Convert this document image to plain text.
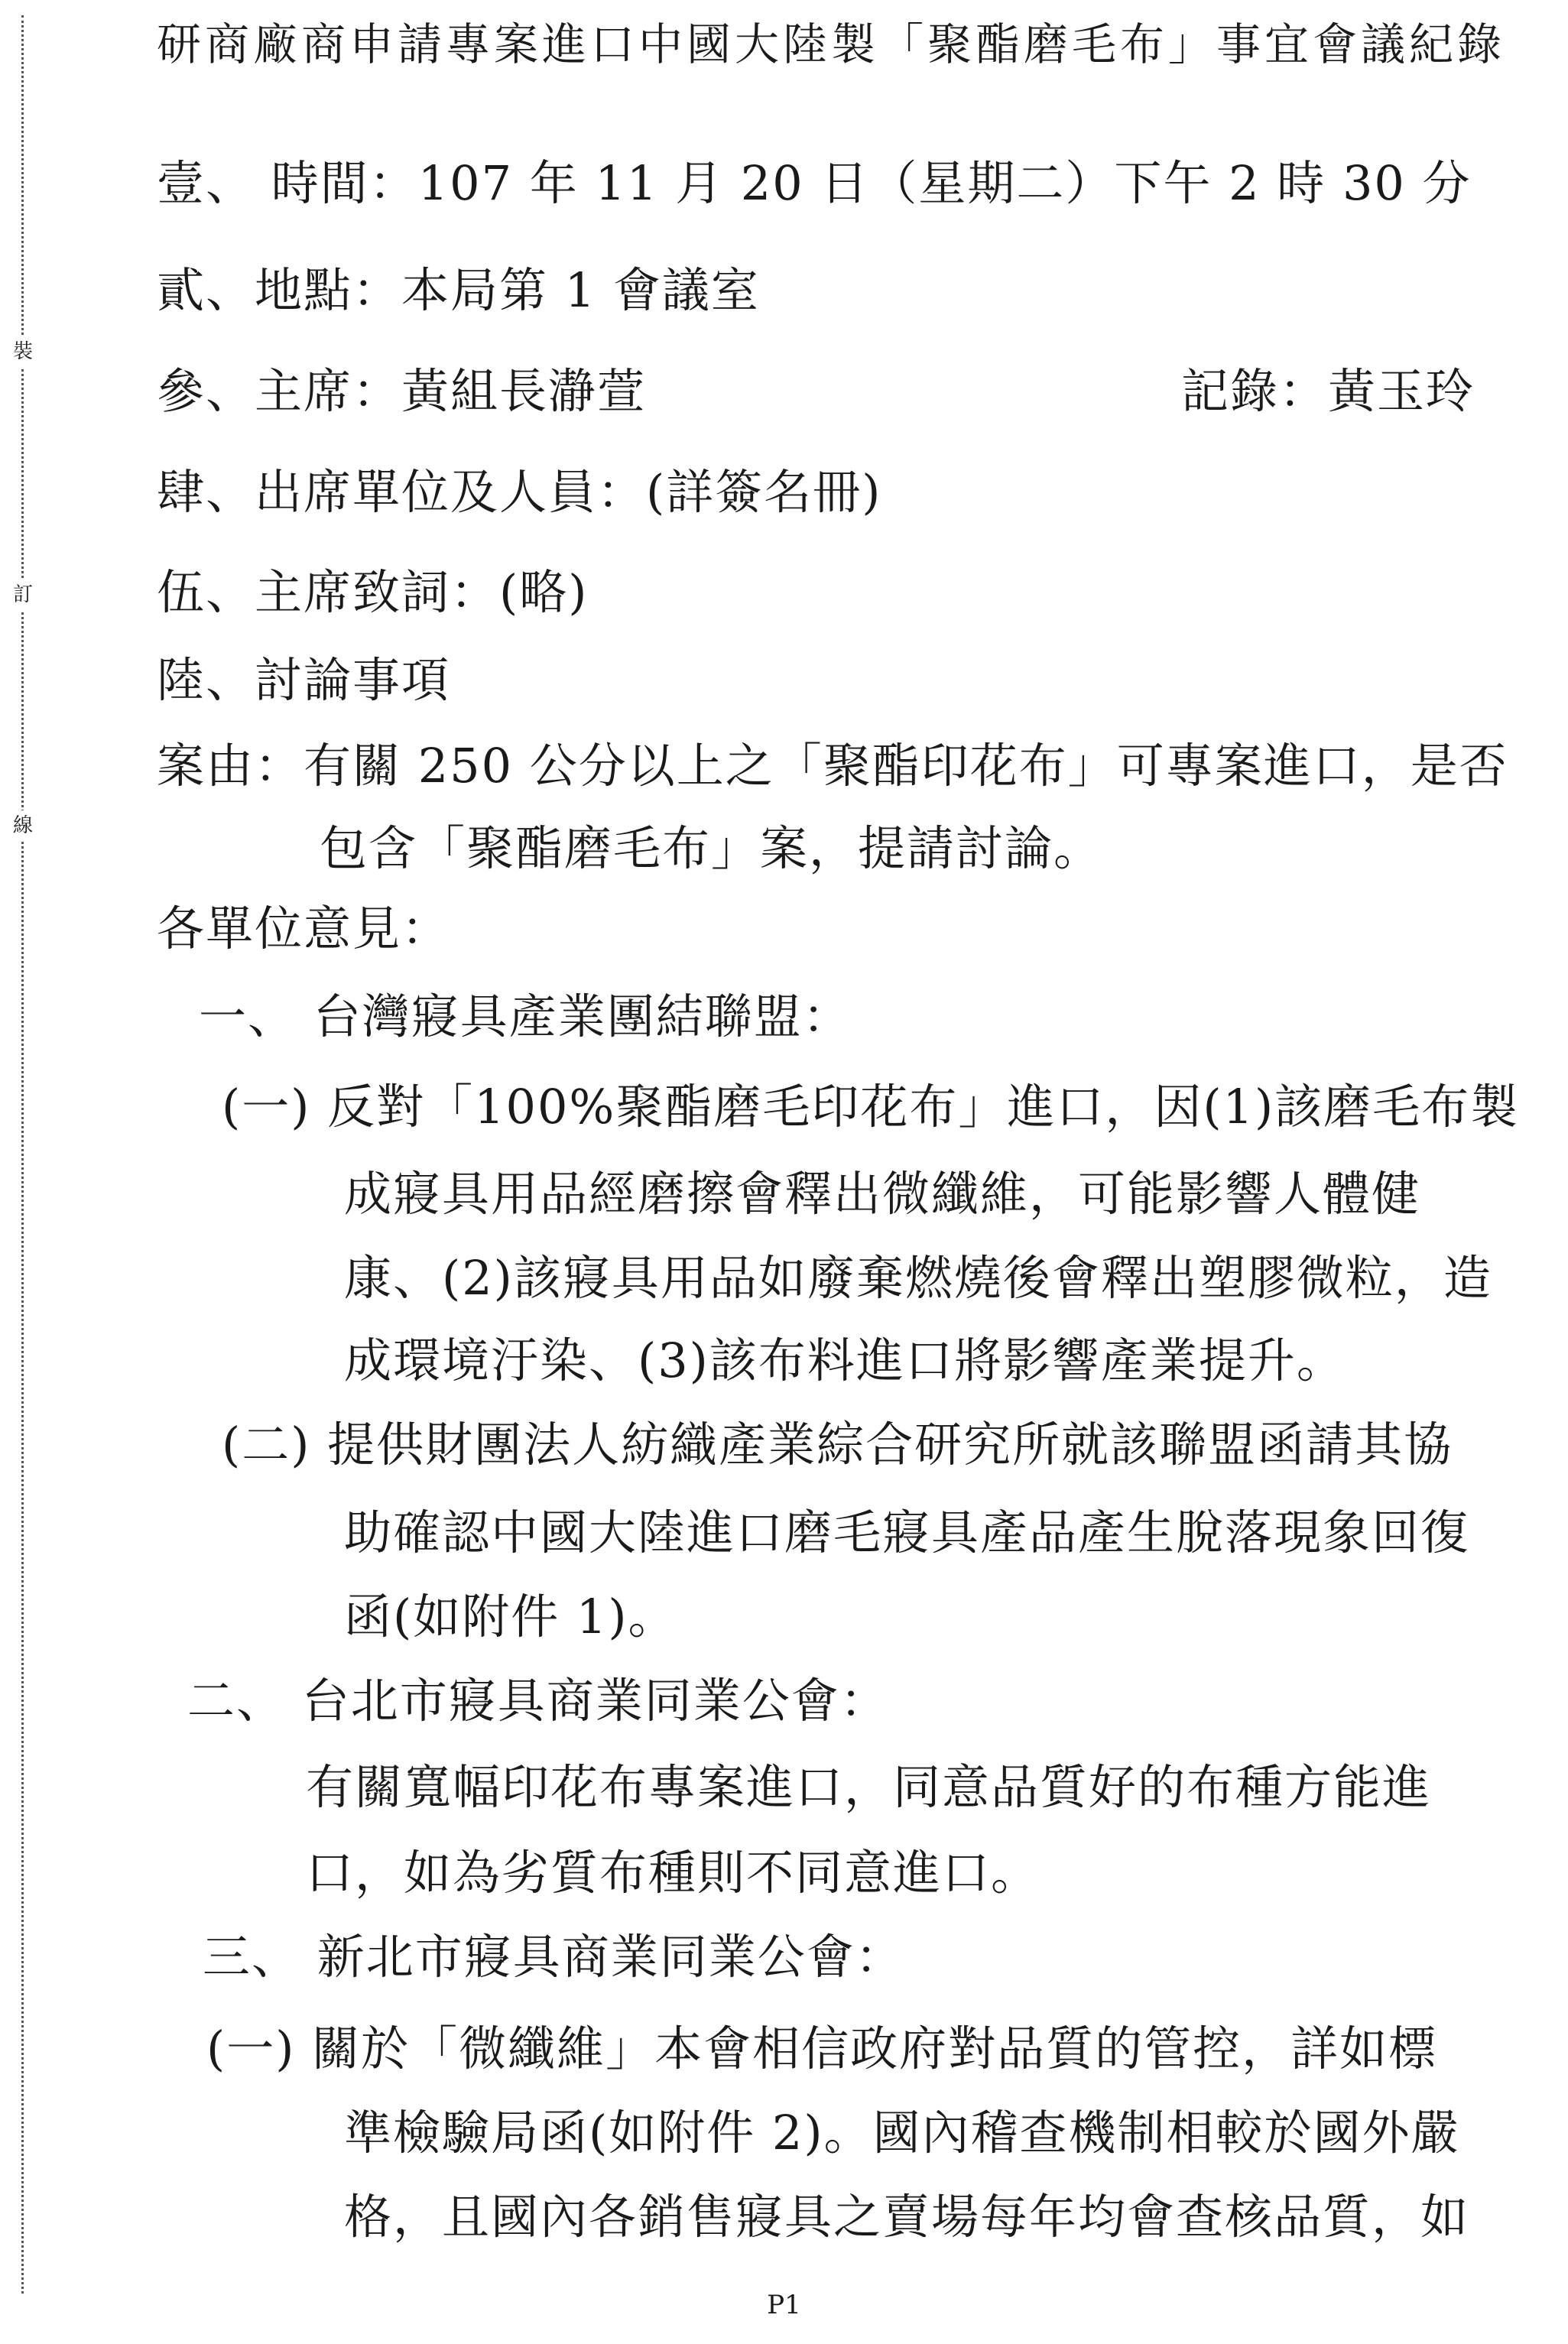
裝
訂
線
研商廠商申請專案進口中國大陸製「聚酯磨毛布」事宜會議紀錄
壹、 時間：107 年 11 月 20 日（星期二）下午 2 時 30 分
貳、地點：本局第 1 會議室
參、主席：黃組長瀞萱	記錄：黃玉玲
肆、出席單位及人員：(詳簽名冊)
伍、主席致詞：(略)
陸、討論事項
案由：有關 250 公分以上之「聚酯印花布」可專案進口，是否
包含「聚酯磨毛布」案，提請討論。
各單位意見：
一、 台灣寢具產業團結聯盟：
(一) 反對「100%聚酯磨毛印花布」進口，因(1)該磨毛布製
成寢具用品經磨擦會釋出微纖維，可能影響人體健
康、(2)該寢具用品如廢棄燃燒後會釋出塑膠微粒，造
成環境汙染、(3)該布料進口將影響產業提升。
(二) 提供財團法人紡織產業綜合研究所就該聯盟函請其協
助確認中國大陸進口磨毛寢具產品產生脫落現象回復
函(如附件 1)。
二、 台北市寢具商業同業公會：
有關寬幅印花布專案進口，同意品質好的布種方能進
口，如為劣質布種則不同意進口。
三、 新北市寢具商業同業公會：
(一) 關於「微纖維」本會相信政府對品質的管控，詳如標
準檢驗局函(如附件 2)。國內稽查機制相較於國外嚴
格，且國內各銷售寢具之賣場每年均會查核品質，如
P1
